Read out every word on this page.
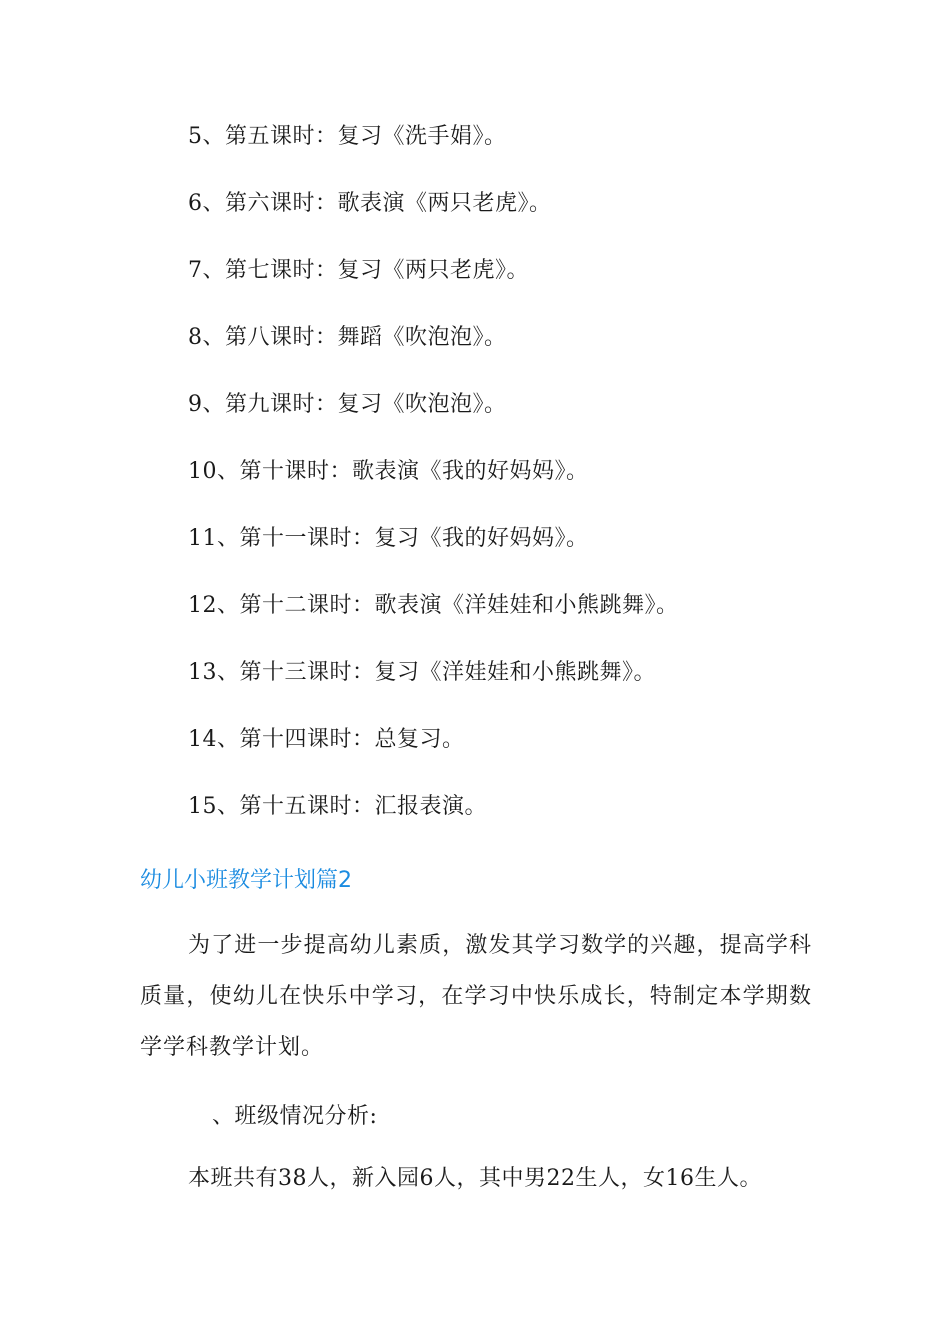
5、第五课时：复习《洗手娟》。
6、第六课时：歌表演《两只老虎》。
7、第七课时：复习《两只老虎》。
8、第八课时：舞蹈《吹泡泡》。
9、第九课时：复习《吹泡泡》。
10、第十课时：歌表演《我的好妈妈》。
11、第十一课时：复习《我的好妈妈》。
12、第十二课时：歌表演《洋娃娃和小熊跳舞》。
13、第十三课时：复习《洋娃娃和小熊跳舞》。
14、第十四课时：总复习。
15、第十五课时：汇报表演。
幼儿小班教学计划篇2
为了进一步提高幼儿素质，激发其学习数学的兴趣，提高学科质量，使幼儿在快乐中学习，在学习中快乐成长，特制定本学期数学学科教学计划。
、班级情况分析:
本班共有38人，新入园6人，其中男22生人，女16生人。
